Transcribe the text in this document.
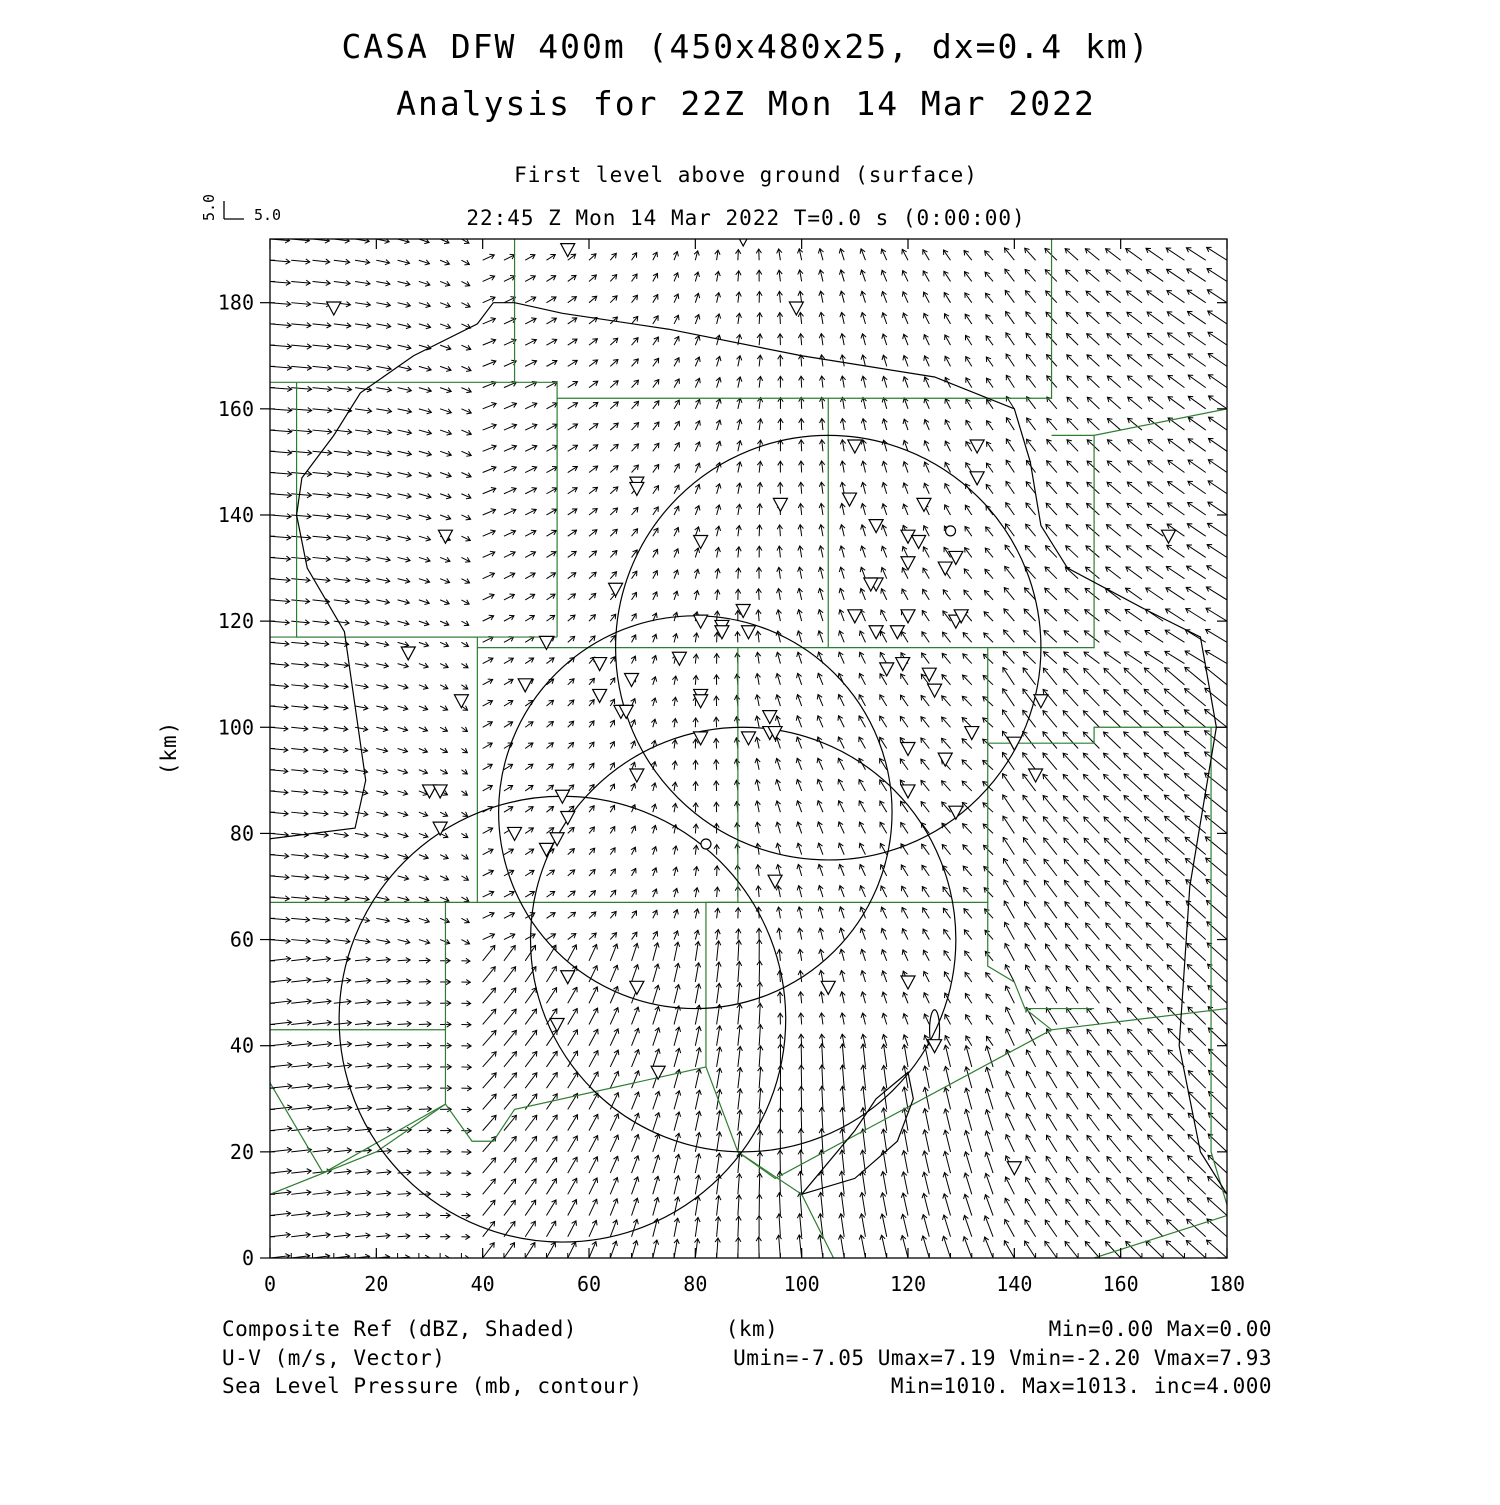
CASA DFW 400m (450x480x25, dx=0.4 km)
Analysis for 22Z Mon 14 Mar 2022
First level above ground (surface)
22:45 Z Mon 14 Mar 2022 T=0.0 s (0:00:00)
5.0
5.0
0	20	40	60	80	100	120	140	160	180
0
20
40
60
80
100
120
140
160
180
(km)
Composite Ref (dBZ, Shaded)	(km)	Min=0.00 Max=0.00
U-V (m/s, Vector)	Umin=-7.05 Umax=7.19 Vmin=-2.20 Vmax=7.93
Sea Level Pressure (mb, contour)	Min=1010. Max=1013. inc=4.000
